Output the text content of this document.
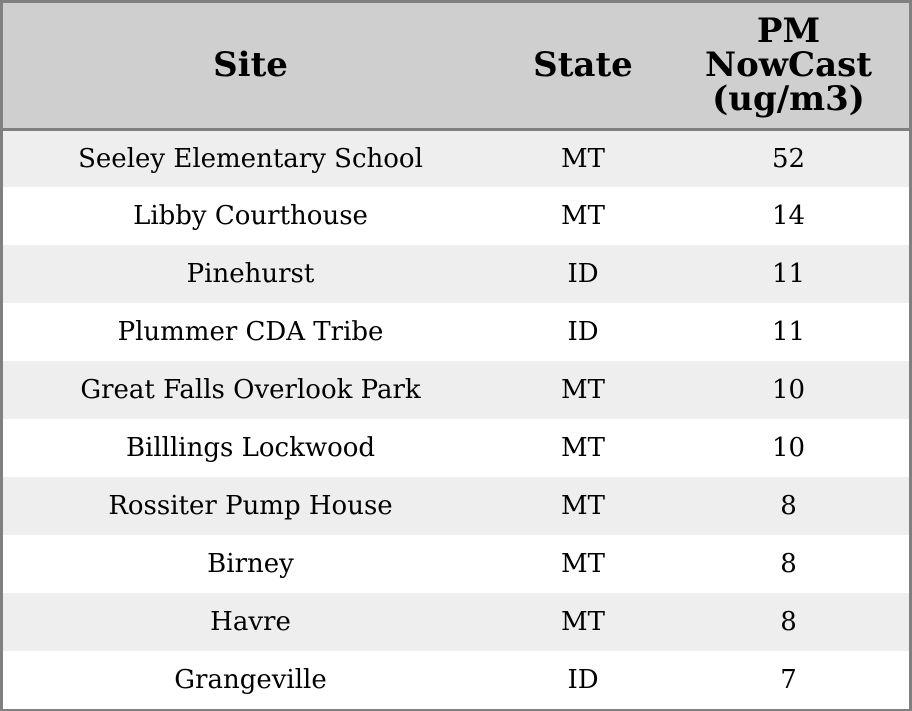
Site	State	PM
NowCast
(ug/m3)

Seeley Elementary School	MT	52
Libby Courthouse	MT	14
Pinehurst	ID	11
Plummer CDA Tribe	ID	11
Great Falls Overlook Park	MT	10
Billlings Lockwood	MT	10
Rossiter Pump House	MT	8
Birney	MT	8
Havre	MT	8
Grangeville	ID	7
